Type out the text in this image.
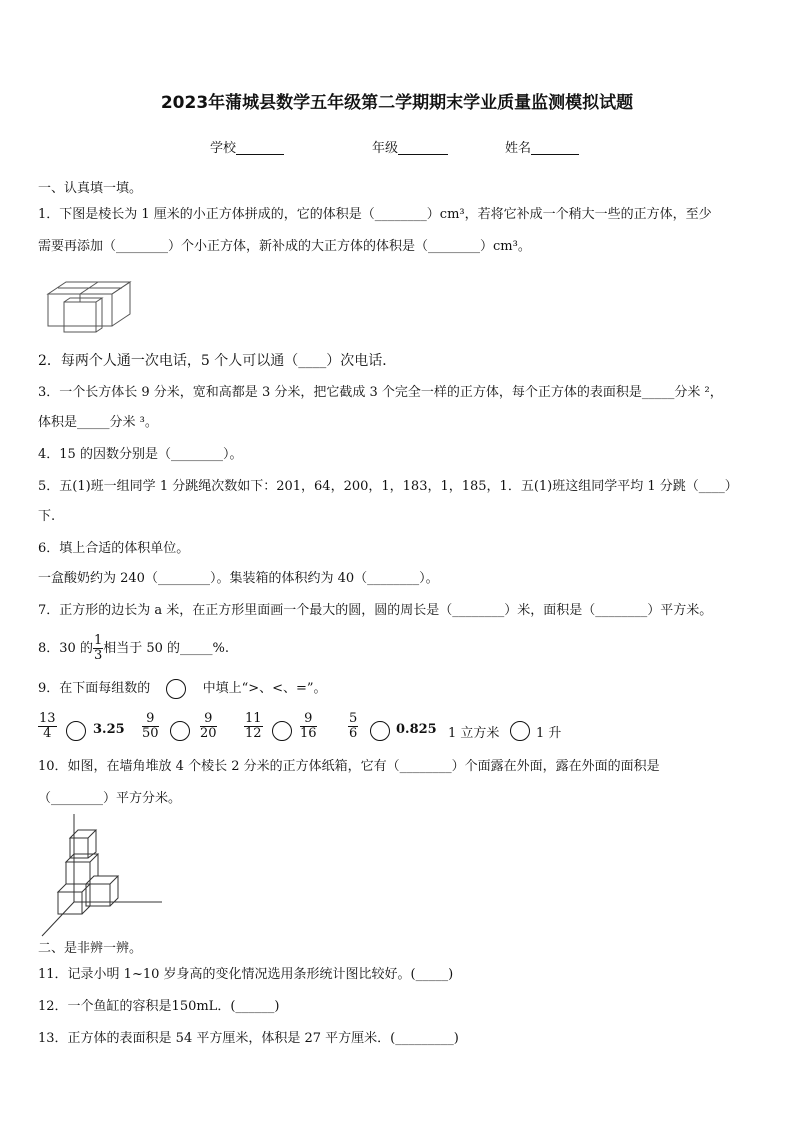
2023年蒲城县数学五年级第二学期期末学业质量监测模拟试题
学校	年级	姓名
一、认真填一填。
1．下图是棱长为 1 厘米的小正方体拼成的，它的体积是（________）cm³，若将它补成一个稍大一些的正方体，至少
需要再添加（________）个小正方体，新补成的大正方体的体积是（________）cm³。
2．每两个人通一次电话，5 个人可以通（____）次电话．
3．一个长方体长 9 分米，宽和高都是 3 分米，把它截成 3 个完全一样的正方体，每个正方体的表面积是_____分米 ²，
体积是_____分米 ³。
4．15 的因数分别是（________）。
5．五(1)班一组同学 1 分跳绳次数如下：201，64，200，1，183，1，185，1．五(1)班这组同学平均 1 分跳（____）
下.
6．填上合适的体积单位。
一盒酸奶约为 240（________）。集装箱的体积约为 40（________）。
7．正方形的边长为 a 米，在正方形里面画一个最大的圆，圆的周长是（________）米，面积是（________）平方米。
8．30 的 $\frac{1}{3}$ 相当于 50 的_____%.
9．在下面每组数的	中填上“>、<、=”。
$\frac{13}{4}$	$3.25 \frac{9}{50}$	$\frac{9}{20} \frac{11}{12}$	$\frac{9}{16} \frac{5}{6}$	0.825 1 立方米	1 升
10．如图，在墙角堆放 4 个棱长 2 分米的正方体纸箱，它有（________）个面露在外面，露在外面的面积是
（________）平方分米。
二、是非辨一辨。
11．记录小明 1~10 岁身高的变化情况选用条形统计图比较好。(_____)
12．一个鱼缸的容积是150mL．(______)
13．正方体的表面积是 54 平方厘米，体积是 27 平方厘米．(_________)
